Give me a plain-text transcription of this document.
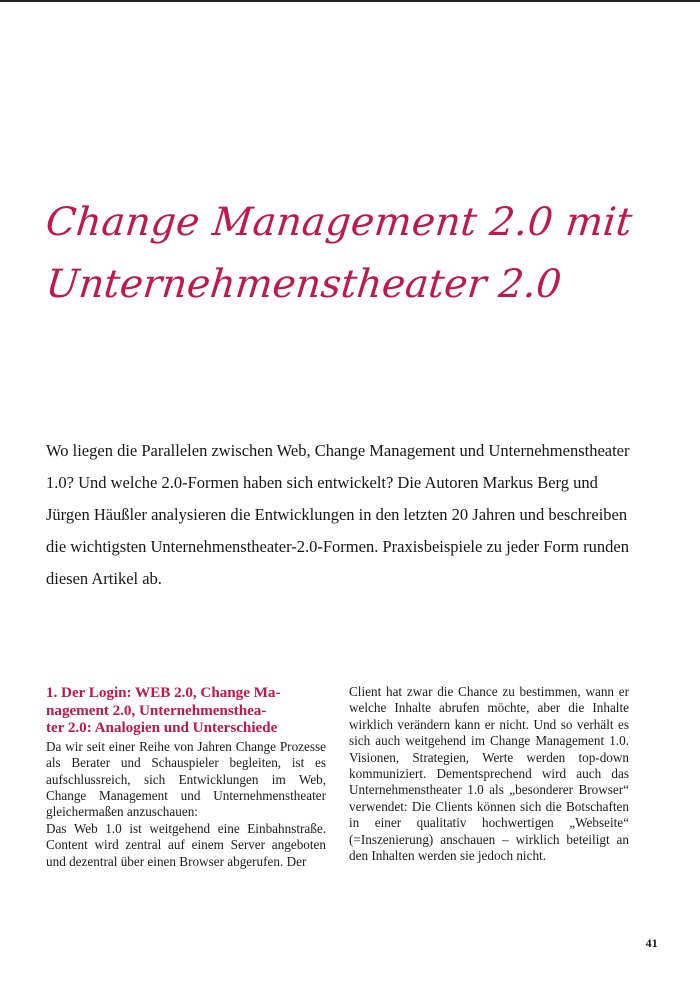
Change Management 2.0 mit
Unternehmenstheater 2.0

Wo liegen die Parallelen zwischen Web, Change Management und Unternehmenstheater 1.0? Und welche 2.0-Formen haben sich entwickelt? Die Autoren Markus Berg und Jürgen Häußler analysieren die Entwicklungen in den letzten 20 Jahren und beschreiben die wichtigsten Unternehmenstheater-2.0-Formen. Praxisbeispiele zu jeder Form runden diesen Artikel ab.

1. Der Login: WEB 2.0, Change Ma-
nagement 2.0, Unternehmensthea-
ter 2.0: Analogien und Unterschiede

Da wir seit einer Reihe von Jahren Change Prozesse als Berater und Schauspieler begleiten, ist es aufschlussreich, sich Entwicklungen im Web, Change Management und Unternehmenstheater gleichermaßen anzuschauen:

Das Web 1.0 ist weitgehend eine Einbahnstraße. Content wird zentral auf einem Server angeboten und dezentral über einen Browser abgerufen. Der

Client hat zwar die Chance zu bestimmen, wann er welche Inhalte abrufen möchte, aber die Inhalte wirklich verändern kann er nicht. Und so verhält es sich auch weitgehend im Change Management 1.0. Visionen, Strategien, Werte werden top-down kommuniziert. Dementsprechend wird auch das Unternehmenstheater 1.0 als „besonderer Browser“ verwendet: Die Clients können sich die Botschaften in einer qualitativ hochwertigen „Webseite“ (=Inszenierung) anschauen – wirklich beteiligt an den Inhalten werden sie jedoch nicht.

41
